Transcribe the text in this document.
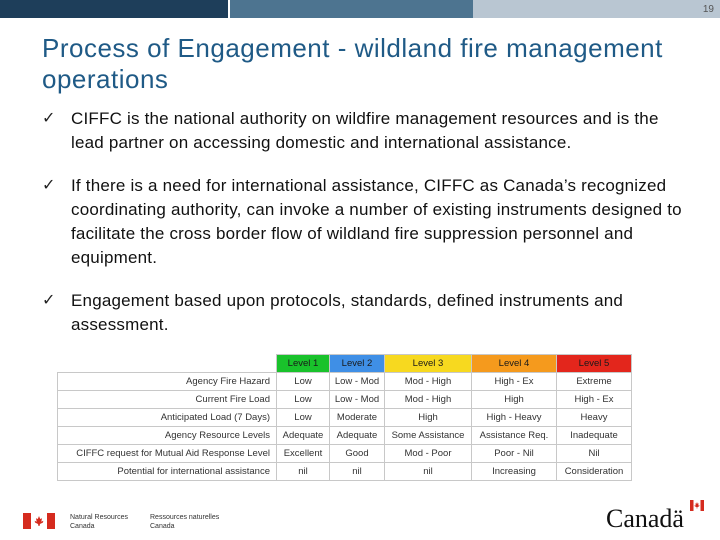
19
Process of Engagement - wildland fire management operations
✓ CIFFC is the national authority on wildfire management resources and is the lead partner on accessing domestic and international assistance.
✓ If there is a need for international assistance, CIFFC as Canada’s recognized coordinating authority, can invoke a number of existing instruments designed to facilitate the cross border flow of wildland fire suppression personnel and equipment.
✓ Engagement based upon protocols, standards, defined instruments and assessment.
	Level 1	Level 2	Level 3	Level 4	Level 5
Agency Fire Hazard	Low	Low - Mod	Mod - High	High - Ex	Extreme
Current Fire Load	Low	Low - Mod	Mod - High	High	High - Ex
Anticipated Load (7 Days)	Low	Moderate	High	High - Heavy	Heavy
Agency Resource Levels	Adequate	Adequate	Some Assistance	Assistance Req.	Inadequate
CIFFC request for Mutual Aid Response Level	Excellent	Good	Mod - Poor	Poor - Nil	Nil
Potential for international assistance	nil	nil	nil	Increasing	Consideration
Natural Resources
Canada
Ressources naturelles
Canada	Canadä
